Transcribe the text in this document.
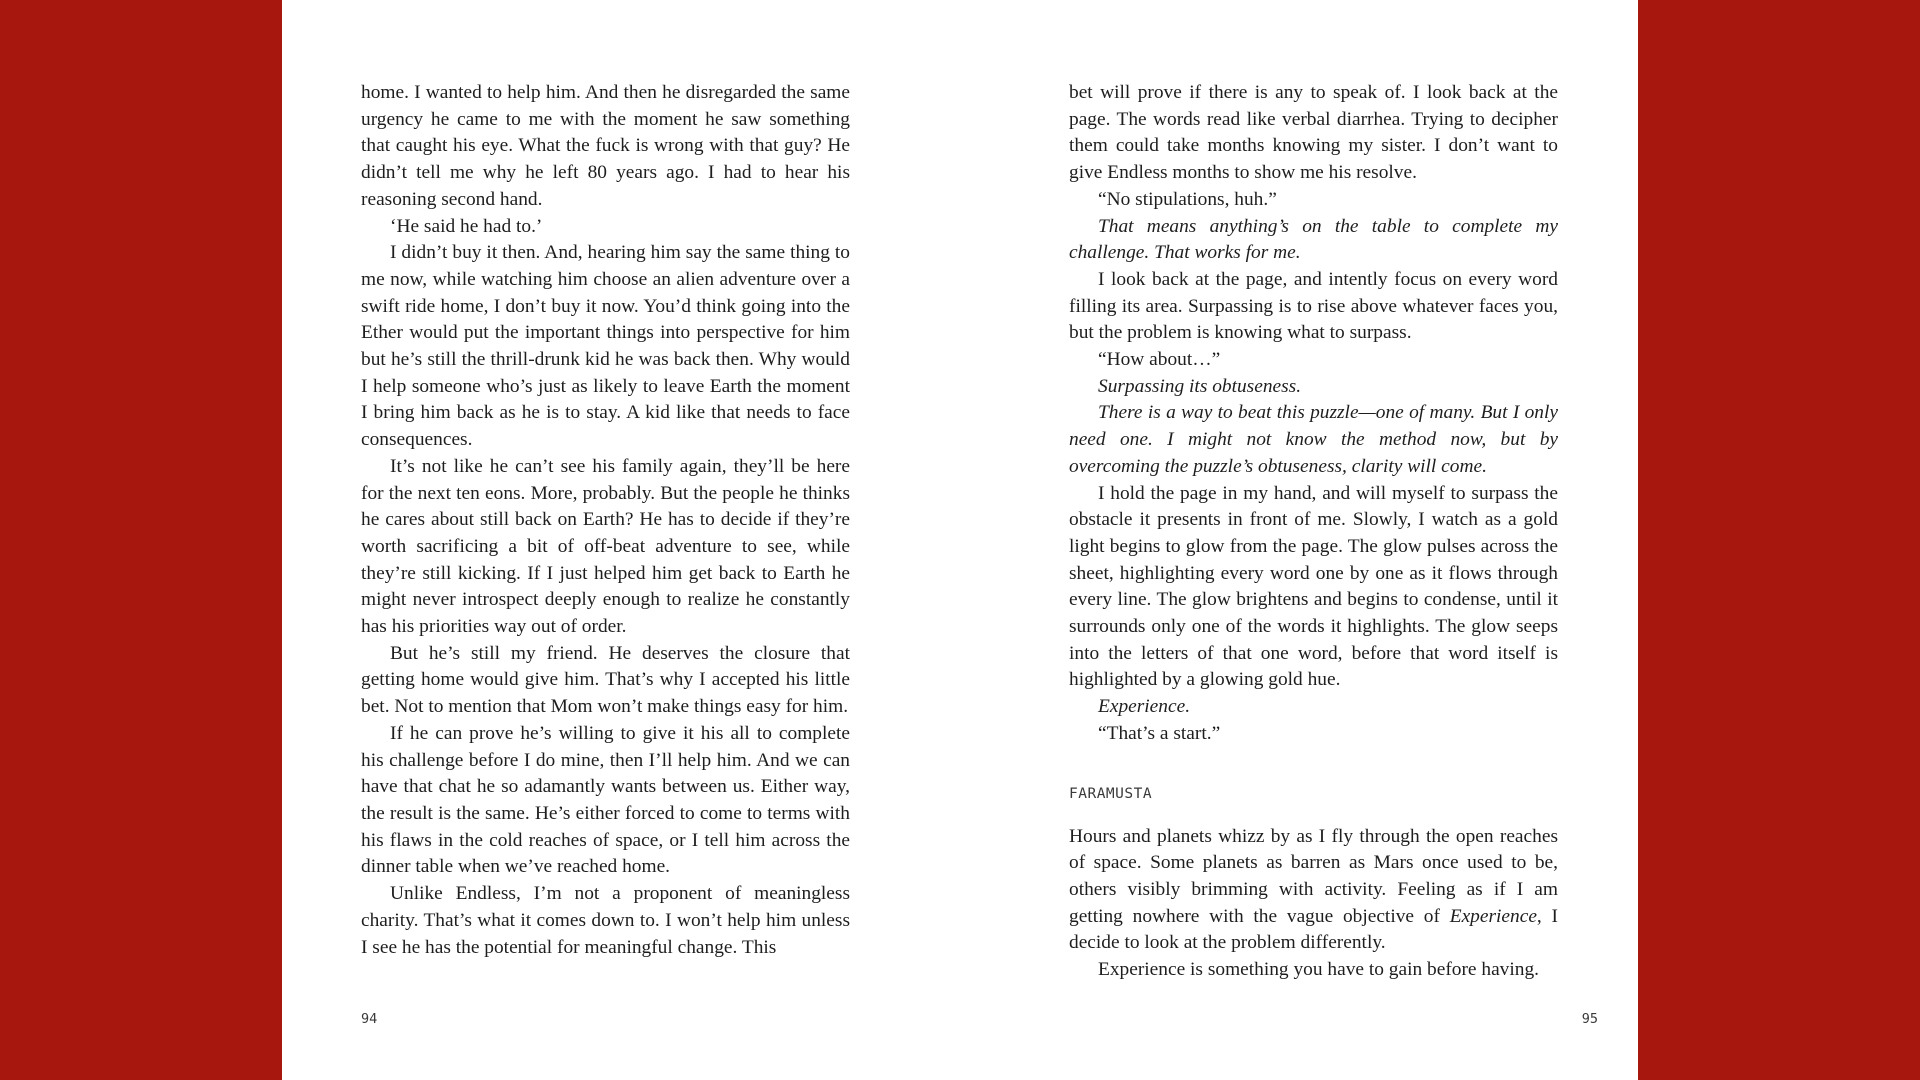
home. I wanted to help him. And then he disregarded the same urgency he came to me with the moment he saw something that caught his eye. What the fuck is wrong with that guy? He didn’t tell me why he left 80 years ago. I had to hear his reasoning second hand.

‘He said he had to.’

I didn’t buy it then. And, hearing him say the same thing to me now, while watching him choose an alien adventure over a swift ride home, I don’t buy it now. You’d think going into the Ether would put the important things into perspective for him but he’s still the thrill-drunk kid he was back then. Why would I help someone who’s just as likely to leave Earth the moment I bring him back as he is to stay. A kid like that needs to face consequences.

It’s not like he can’t see his family again, they’ll be here for the next ten eons. More, probably. But the people he thinks he cares about still back on Earth? He has to decide if they’re worth sacrificing a bit of off-beat adventure to see, while they’re still kicking. If I just helped him get back to Earth he might never introspect deeply enough to realize he constantly has his priorities way out of order.

But he’s still my friend. He deserves the closure that getting home would give him. That’s why I accepted his little bet. Not to mention that Mom won’t make things easy for him.

If he can prove he’s willing to give it his all to complete his challenge before I do mine, then I’ll help him. And we can have that chat he so adamantly wants between us. Either way, the result is the same. He’s either forced to come to terms with his flaws in the cold reaches of space, or I tell him across the dinner table when we’ve reached home.

Unlike Endless, I’m not a proponent of meaningless charity. That’s what it comes down to. I won’t help him unless I see he has the potential for meaningful change. This

94

bet will prove if there is any to speak of. I look back at the page. The words read like verbal diarrhea. Trying to decipher them could take months knowing my sister. I don’t want to give Endless months to show me his resolve.

“No stipulations, huh.”

That means anything’s on the table to complete my challenge. That works for me.

I look back at the page, and intently focus on every word filling its area. Surpassing is to rise above whatever faces you, but the problem is knowing what to surpass.

“How about…”

Surpassing its obtuseness.

There is a way to beat this puzzle—one of many. But I only need one. I might not know the method now, but by overcoming the puzzle’s obtuseness, clarity will come.

I hold the page in my hand, and will myself to surpass the obstacle it presents in front of me. Slowly, I watch as a gold light begins to glow from the page. The glow pulses across the sheet, highlighting every word one by one as it flows through every line. The glow brightens and begins to condense, until it surrounds only one of the words it highlights. The glow seeps into the letters of that one word, before that word itself is highlighted by a glowing gold hue.

Experience.

“That’s a start.”

FARAMUSTA

Hours and planets whizz by as I fly through the open reaches of space. Some planets as barren as Mars once used to be, others visibly brimming with activity. Feeling as if I am getting nowhere with the vague objective of Experience, I decide to look at the problem differently.

Experience is something you have to gain before having.

95
